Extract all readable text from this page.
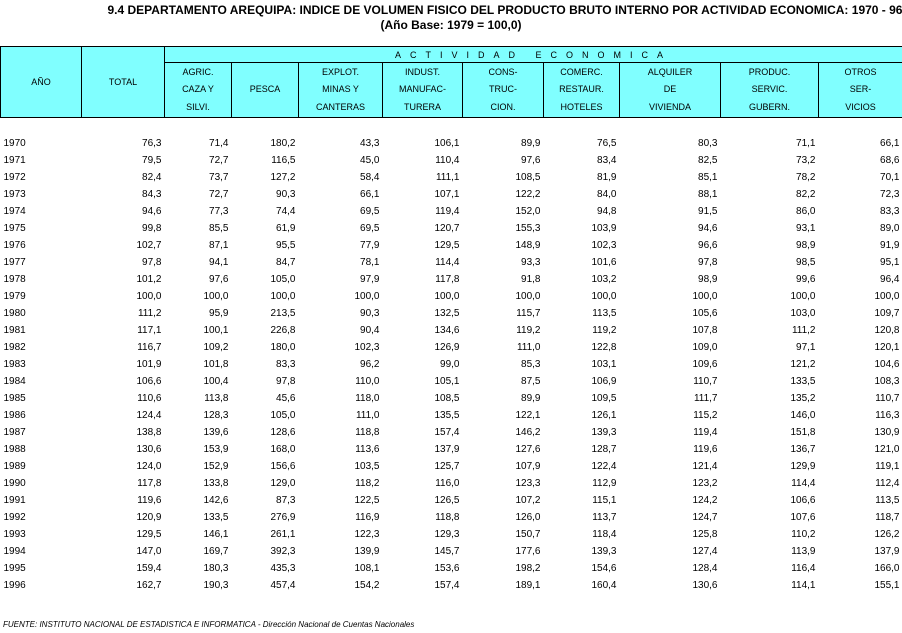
9.4 DEPARTAMENTO AREQUIPA: INDICE DE VOLUMEN FISICO DEL PRODUCTO BRUTO INTERNO POR ACTIVIDAD ECONOMICA: 1970 - 96
(Año Base: 1979 = 100,0)
AÑO	TOTAL	ACTIVIDAD ECONOMICA								

		AGRIC.
CAZA Y
SILVI.	PESCA	EXPLOT.
MINAS Y
CANTERAS	INDUST.
MANUFAC-
TURERA	CONS-
TRUC-
CION.	COMERC.
RESTAUR.
HOTELES	ALQUILER
DE
VIVIENDA	PRODUC.
SERVIC.
GUBERN.	OTROS
SER-
VICIOS

1970	76,3	71,4	180,2	43,3	106,1	89,9	76,5	80,3	71,1	66,1
1971	79,5	72,7	116,5	45,0	110,4	97,6	83,4	82,5	73,2	68,6
1972	82,4	73,7	127,2	58,4	111,1	108,5	81,9	85,1	78,2	70,1
1973	84,3	72,7	90,3	66,1	107,1	122,2	84,0	88,1	82,2	72,3
1974	94,6	77,3	74,4	69,5	119,4	152,0	94,8	91,5	86,0	83,3
1975	99,8	85,5	61,9	69,5	120,7	155,3	103,9	94,6	93,1	89,0
1976	102,7	87,1	95,5	77,9	129,5	148,9	102,3	96,6	98,9	91,9
1977	97,8	94,1	84,7	78,1	114,4	93,3	101,6	97,8	98,5	95,1
1978	101,2	97,6	105,0	97,9	117,8	91,8	103,2	98,9	99,6	96,4
1979	100,0	100,0	100,0	100,0	100,0	100,0	100,0	100,0	100,0	100,0
1980	111,2	95,9	213,5	90,3	132,5	115,7	113,5	105,6	103,0	109,7
1981	117,1	100,1	226,8	90,4	134,6	119,2	119,2	107,8	111,2	120,8
1982	116,7	109,2	180,0	102,3	126,9	111,0	122,8	109,0	97,1	120,1
1983	101,9	101,8	83,3	96,2	99,0	85,3	103,1	109,6	121,2	104,6
1984	106,6	100,4	97,8	110,0	105,1	87,5	106,9	110,7	133,5	108,3
1985	110,6	113,8	45,6	118,0	108,5	89,9	109,5	111,7	135,2	110,7
1986	124,4	128,3	105,0	111,0	135,5	122,1	126,1	115,2	146,0	116,3
1987	138,8	139,6	128,6	118,8	157,4	146,2	139,3	119,4	151,8	130,9
1988	130,6	153,9	168,0	113,6	137,9	127,6	128,7	119,6	136,7	121,0
1989	124,0	152,9	156,6	103,5	125,7	107,9	122,4	121,4	129,9	119,1
1990	117,8	133,8	129,0	118,2	116,0	123,3	112,9	123,2	114,4	112,4
1991	119,6	142,6	87,3	122,5	126,5	107,2	115,1	124,2	106,6	113,5
1992	120,9	133,5	276,9	116,9	118,8	126,0	113,7	124,7	107,6	118,7
1993	129,5	146,1	261,1	122,3	129,3	150,7	118,4	125,8	110,2	126,2
1994	147,0	169,7	392,3	139,9	145,7	177,6	139,3	127,4	113,9	137,9
1995	159,4	180,3	435,3	108,1	153,6	198,2	154,6	128,4	116,4	166,0
1996	162,7	190,3	457,4	154,2	157,4	189,1	160,4	130,6	114,1	155,1
FUENTE: INSTITUTO NACIONAL DE ESTADISTICA E INFORMATICA - Dirección Nacional de Cuentas Nacionales
